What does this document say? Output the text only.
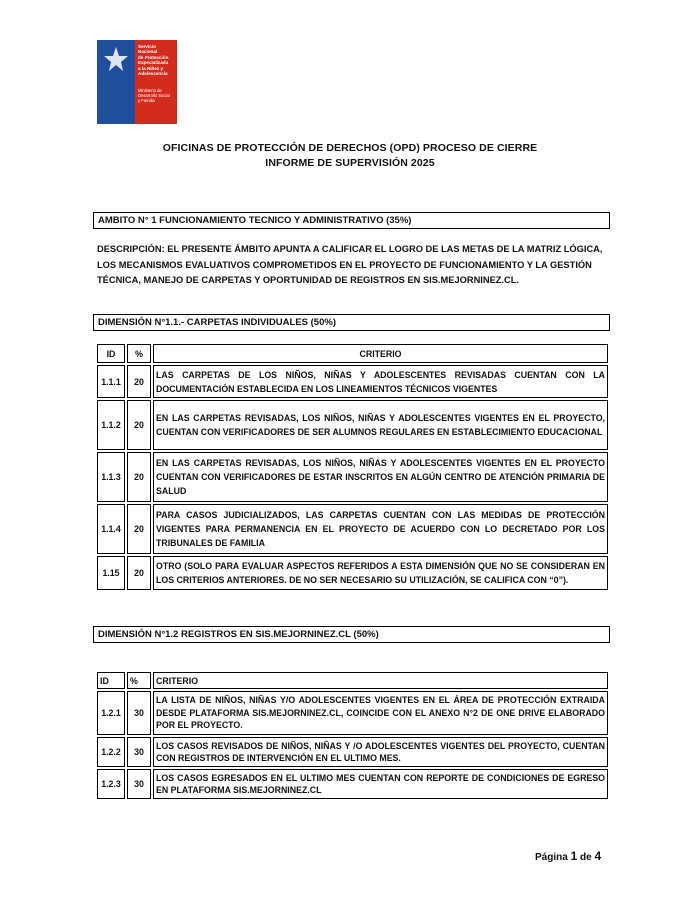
Servicio Nacional
de Protección
Especializada
a la Niñez y
Adolescencia
Ministerio de
Desarrollo Social
y Familia
OFICINAS DE PROTECCIÓN DE DERECHOS (OPD) PROCESO DE CIERRE
INFORME DE SUPERVISIÓN 2025
AMBITO N° 1 FUNCIONAMIENTO TECNICO Y ADMINISTRATIVO (35%)
DESCRIPCIÓN: EL PRESENTE ÁMBITO APUNTA A CALIFICAR EL LOGRO DE LAS METAS DE LA MATRIZ LÓGICA, LOS MECANISMOS EVALUATIVOS COMPROMETIDOS EN EL PROYECTO DE FUNCIONAMIENTO Y LA GESTIÓN TÉCNICA, MANEJO DE CARPETAS Y OPORTUNIDAD DE REGISTROS EN SIS.MEJORNINEZ.CL.
DIMENSIÓN N°1.1.- CARPETAS INDIVIDUALES (50%)
ID	%	CRITERIO
1.1.1	20	LAS CARPETAS DE LOS NIÑOS, NIÑAS Y ADOLESCENTES REVISADAS CUENTAN CON LA DOCUMENTACIÓN ESTABLECIDA EN LOS LINEAMIENTOS TÉCNICOS VIGENTES
1.1.2	20	EN LAS CARPETAS REVISADAS, LOS NIÑOS, NIÑAS Y ADOLESCENTES VIGENTES EN EL PROYECTO, CUENTAN CON VERIFICADORES DE SER ALUMNOS REGULARES EN ESTABLECIMIENTO EDUCACIONAL
1.1.3	20	EN LAS CARPETAS REVISADAS, LOS NIÑOS, NIÑAS Y ADOLESCENTES VIGENTES EN EL PROYECTO CUENTAN CON VERIFICADORES DE ESTAR INSCRITOS EN ALGÚN CENTRO DE ATENCIÓN PRIMARIA DE SALUD
1.1.4	20	PARA CASOS JUDICIALIZADOS, LAS CARPETAS CUENTAN CON LAS MEDIDAS DE PROTECCIÓN VIGENTES PARA PERMANENCIA EN EL PROYECTO DE ACUERDO CON LO DECRETADO POR LOS TRIBUNALES DE FAMILIA
1.15	20	OTRO (SOLO PARA EVALUAR ASPECTOS REFERIDOS A ESTA DIMENSIÓN QUE NO SE CONSIDERAN EN LOS CRITERIOS ANTERIORES. DE NO SER NECESARIO SU UTILIZACIÓN, SE CALIFICA CON “0”).
DIMENSIÓN N°1.2 REGISTROS EN SIS.MEJORNINEZ.CL (50%)
ID	%	CRITERIO
1.2.1	30	LA LISTA DE NIÑOS, NIÑAS Y/O ADOLESCENTES VIGENTES EN EL ÁREA DE PROTECCIÓN EXTRAIDA DESDE PLATAFORMA SIS.MEJORNINEZ.CL, COINCIDE CON EL ANEXO N°2 DE ONE DRIVE ELABORADO POR EL PROYECTO.
1.2.2	30	LOS CASOS REVISADOS DE NIÑOS, NIÑAS Y /O ADOLESCENTES VIGENTES DEL PROYECTO, CUENTAN CON REGISTROS DE INTERVENCIÓN EN EL ULTIMO MES.
1.2.3	30	LOS CASOS EGRESADOS EN EL ULTIMO MES CUENTAN CON REPORTE DE CONDICIONES DE EGRESO EN PLATAFORMA SIS.MEJORNINEZ.CL
Página 1 de 4
